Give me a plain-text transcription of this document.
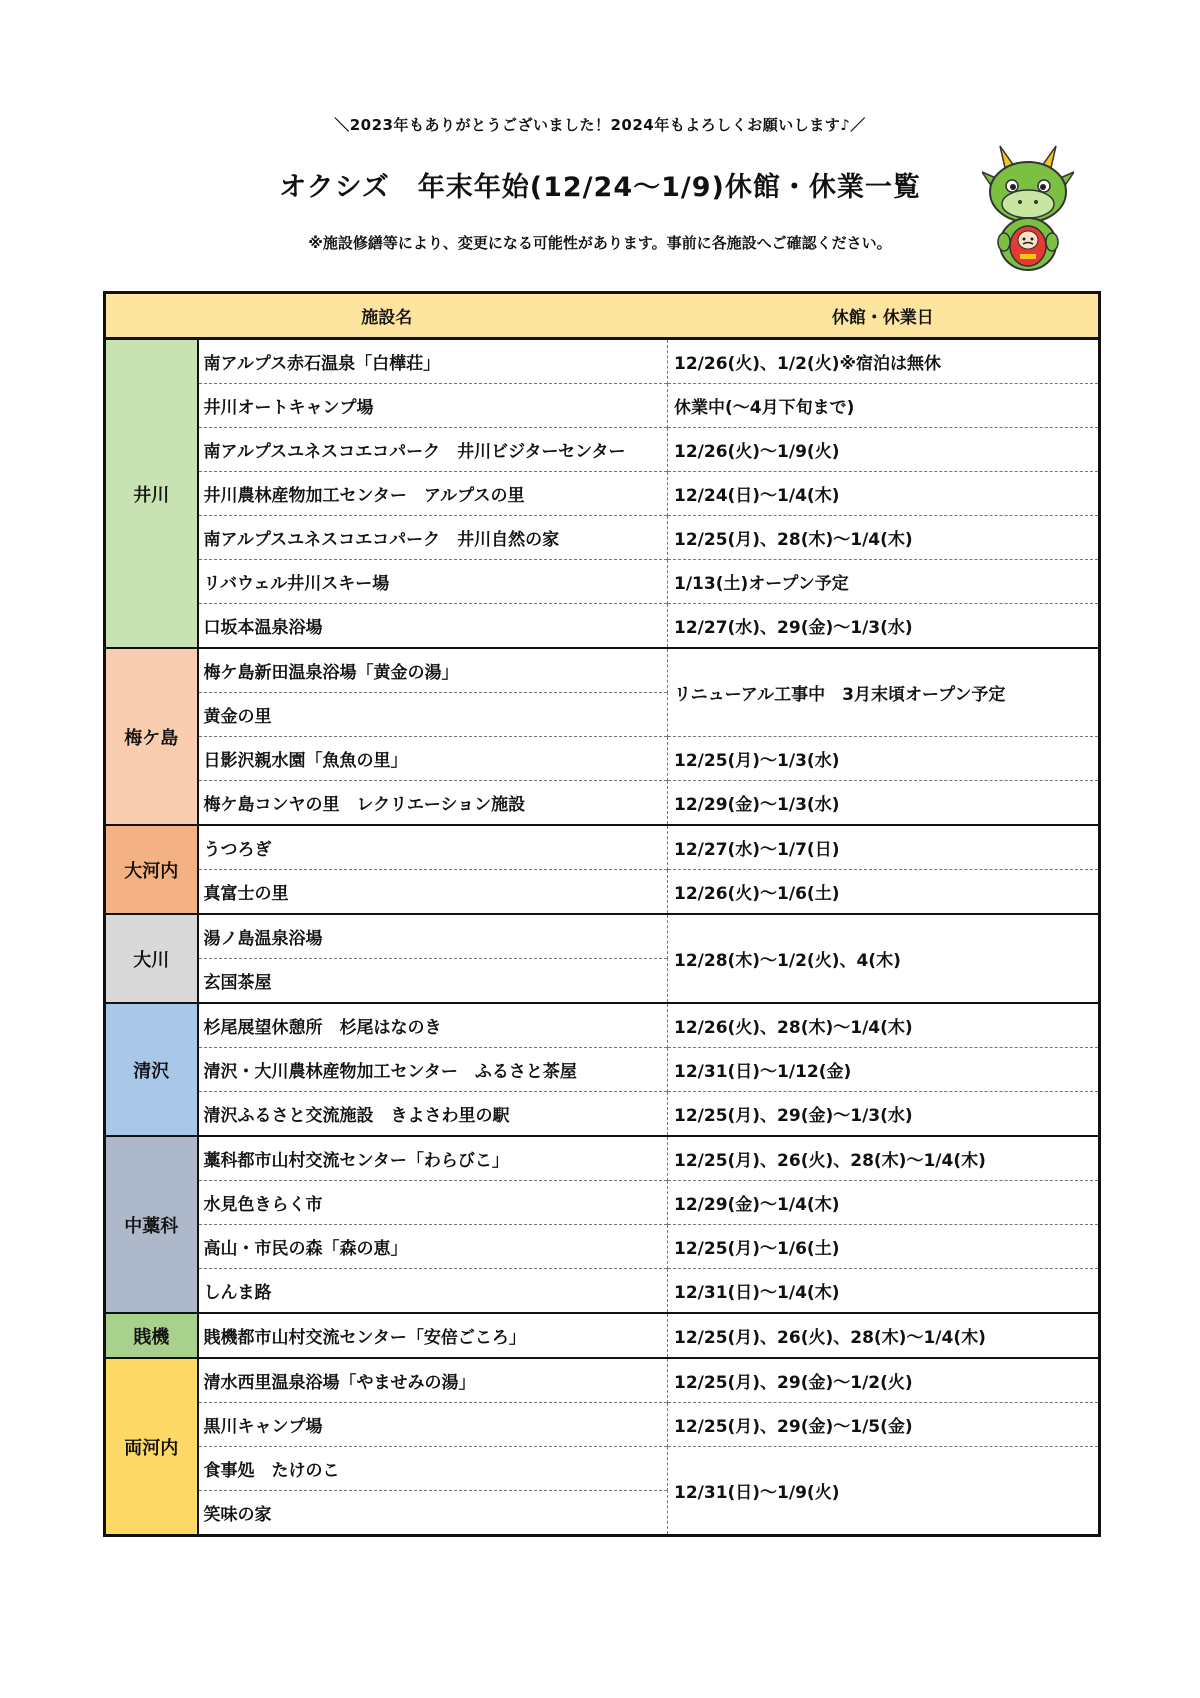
＼2023年もありがとうございました！2024年もよろしくお願いします♪／
オクシズ　年末年始(12/24～1/9)休館・休業一覧
※施設修繕等により、変更になる可能性があります。事前に各施設へご確認ください。
施設名		休館・休業日
井川	南アルプス赤石温泉「白樺荘」	12/26(火)、1/2(火)※宿泊は無休
	井川オートキャンプ場	休業中(～4月下旬まで)
	南アルプスユネスコエコパーク　井川ビジターセンター	12/26(火)～1/9(火)
	井川農林産物加工センター　アルプスの里	12/24(日)～1/4(木)
	南アルプスユネスコエコパーク　井川自然の家	12/25(月)、28(木)～1/4(木)
	リバウェル井川スキー場	1/13(土)オープン予定
	口坂本温泉浴場	12/27(水)、29(金)～1/3(水)
梅ケ島	梅ケ島新田温泉浴場「黄金の湯」	リニューアル工事中　3月末頃オープン予定
	黄金の里	
	日影沢親水園「魚魚の里」	12/25(月)～1/3(水)
	梅ケ島コンヤの里　レクリエーション施設	12/29(金)～1/3(水)
大河内	うつろぎ	12/27(水)～1/7(日)
	真富士の里	12/26(火)～1/6(土)
大川	湯ノ島温泉浴場	12/28(木)～1/2(火)、4(木)
	玄国茶屋	
清沢	杉尾展望休憩所　杉尾はなのき	12/26(火)、28(木)～1/4(木)
	清沢・大川農林産物加工センター　ふるさと茶屋	12/31(日)～1/12(金)
	清沢ふるさと交流施設　きよさわ里の駅	12/25(月)、29(金)～1/3(水)
中藁科	藁科都市山村交流センター「わらびこ」	12/25(月)、26(火)、28(木)～1/4(木)
	水見色きらく市	12/29(金)～1/4(木)
	高山・市民の森「森の恵」	12/25(月)～1/6(土)
	しんま路	12/31(日)～1/4(木)
賎機	賎機都市山村交流センター「安倍ごころ」	12/25(月)、26(火)、28(木)～1/4(木)
両河内	清水西里温泉浴場「やませみの湯」	12/25(月)、29(金)～1/2(火)
	黒川キャンプ場	12/25(月)、29(金)～1/5(金)
	食事処　たけのこ	12/31(日)～1/9(火)
	笑味の家	
